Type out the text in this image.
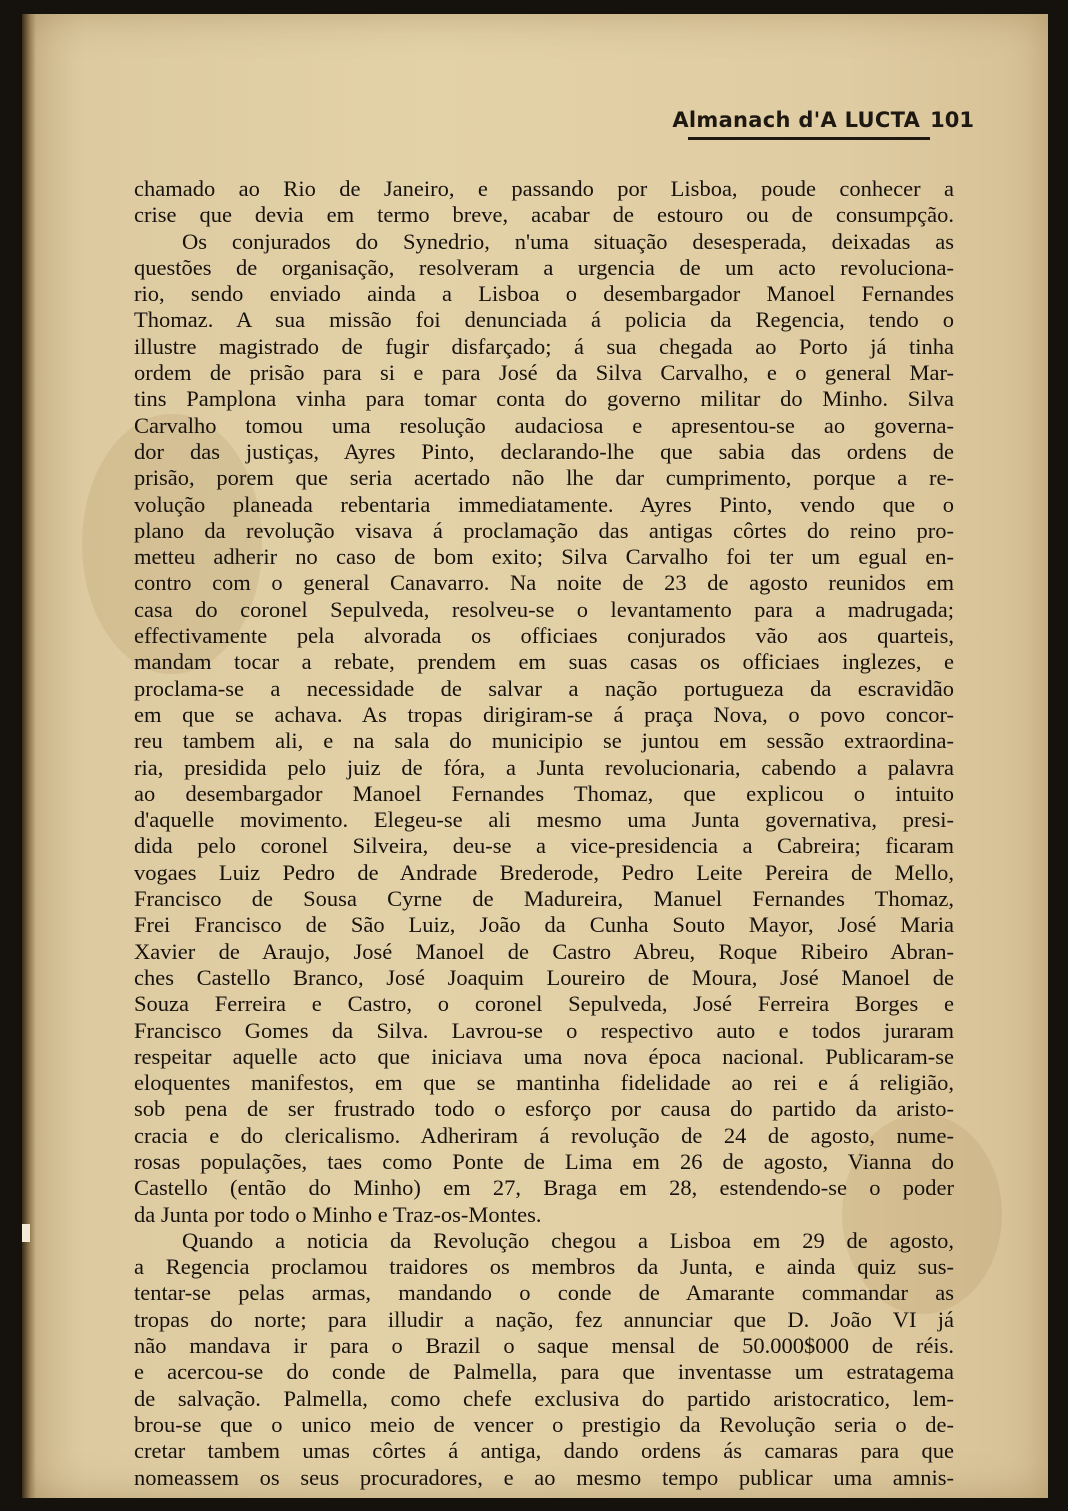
Almanach d'A LUCTA 101
chamado ao Rio de Janeiro, e passando por Lisboa, poude conhecer a
crise que devia em termo breve, acabar de estouro ou de consumpção.
Os conjurados do Synedrio, n'uma situação desesperada, deixadas as
questões de organisação, resolveram a urgencia de um acto revoluciona-
rio, sendo enviado ainda a Lisboa o desembargador Manoel Fernandes
Thomaz. A sua missão foi denunciada á policia da Regencia, tendo o
illustre magistrado de fugir disfarçado; á sua chegada ao Porto já tinha
ordem de prisão para si e para José da Silva Carvalho, e o general Mar-
tins Pamplona vinha para tomar conta do governo militar do Minho. Silva
Carvalho tomou uma resolução audaciosa e apresentou-se ao governa-
dor das justiças, Ayres Pinto, declarando-lhe que sabia das ordens de
prisão, porem que seria acertado não lhe dar cumprimento, porque a re-
volução planeada rebentaria immediatamente. Ayres Pinto, vendo que o
plano da revolução visava á proclamação das antigas côrtes do reino pro-
metteu adherir no caso de bom exito; Silva Carvalho foi ter um egual en-
contro com o general Canavarro. Na noite de 23 de agosto reunidos em
casa do coronel Sepulveda, resolveu-se o levantamento para a madrugada;
effectivamente pela alvorada os officiaes conjurados vão aos quarteis,
mandam tocar a rebate, prendem em suas casas os officiaes inglezes, e
proclama-se a necessidade de salvar a nação portugueza da escravidão
em que se achava. As tropas dirigiram-se á praça Nova, o povo concor-
reu tambem ali, e na sala do municipio se juntou em sessão extraordina-
ria, presidida pelo juiz de fóra, a Junta revolucionaria, cabendo a palavra
ao desembargador Manoel Fernandes Thomaz, que explicou o intuito
d'aquelle movimento. Elegeu-se ali mesmo uma Junta governativa, presi-
dida pelo coronel Silveira, deu-se a vice-presidencia a Cabreira; ficaram
vogaes Luiz Pedro de Andrade Brederode, Pedro Leite Pereira de Mello,
Francisco de Sousa Cyrne de Madureira, Manuel Fernandes Thomaz,
Frei Francisco de São Luiz, João da Cunha Souto Mayor, José Maria
Xavier de Araujo, José Manoel de Castro Abreu, Roque Ribeiro Abran-
ches Castello Branco, José Joaquim Loureiro de Moura, José Manoel de
Souza Ferreira e Castro, o coronel Sepulveda, José Ferreira Borges e
Francisco Gomes da Silva. Lavrou-se o respectivo auto e todos juraram
respeitar aquelle acto que iniciava uma nova época nacional. Publicaram-se
eloquentes manifestos, em que se mantinha fidelidade ao rei e á religião,
sob pena de ser frustrado todo o esforço por causa do partido da aristo-
cracia e do clericalismo. Adheriram á revolução de 24 de agosto, nume-
rosas populações, taes como Ponte de Lima em 26 de agosto, Vianna do
Castello (então do Minho) em 27, Braga em 28, estendendo-se o poder
da Junta por todo o Minho e Traz-os-Montes.
Quando a noticia da Revolução chegou a Lisboa em 29 de agosto,
a Regencia proclamou traidores os membros da Junta, e ainda quiz sus-
tentar-se pelas armas, mandando o conde de Amarante commandar as
tropas do norte; para illudir a nação, fez annunciar que D. João VI já
não mandava ir para o Brazil o saque mensal de 50.000$000 de réis.
e acercou-se do conde de Palmella, para que inventasse um estratagema
de salvação. Palmella, como chefe exclusiva do partido aristocratico, lem-
brou-se que o unico meio de vencer o prestigio da Revolução seria o de-
cretar tambem umas côrtes á antiga, dando ordens ás camaras para que
nomeassem os seus procuradores, e ao mesmo tempo publicar uma amnis-
